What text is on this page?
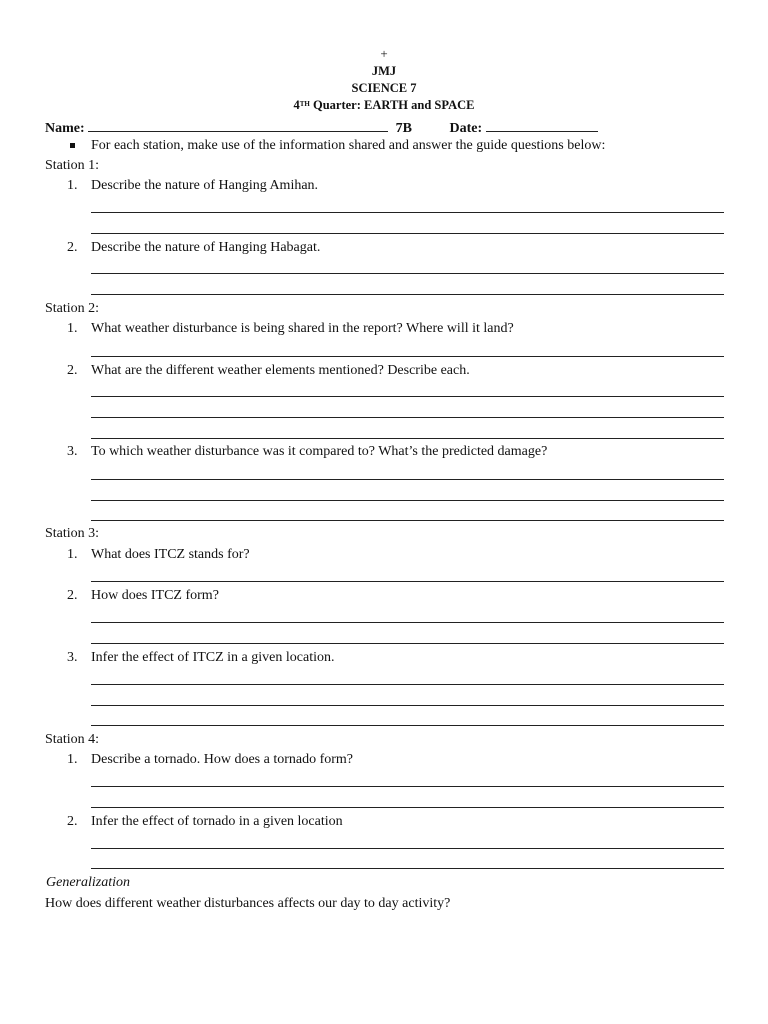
+
JMJ
SCIENCE 7
4TH Quarter: EARTH and SPACE
Name:	7B	Date:
For each station, make use of the information shared and answer the guide questions below:
Station 1:
1. Describe the nature of Hanging Amihan.
2. Describe the nature of Hanging Habagat.
Station 2:
1. What weather disturbance is being shared in the report? Where will it land?
2. What are the different weather elements mentioned? Describe each.
3. To which weather disturbance was it compared to? What’s the predicted damage?
Station 3:
1. What does ITCZ stands for?
2. How does ITCZ form?
3. Infer the effect of ITCZ in a given location.
Station 4:
1. Describe a tornado. How does a tornado form?
2. Infer the effect of tornado in a given location
Generalization
How does different weather disturbances affects our day to day activity?
